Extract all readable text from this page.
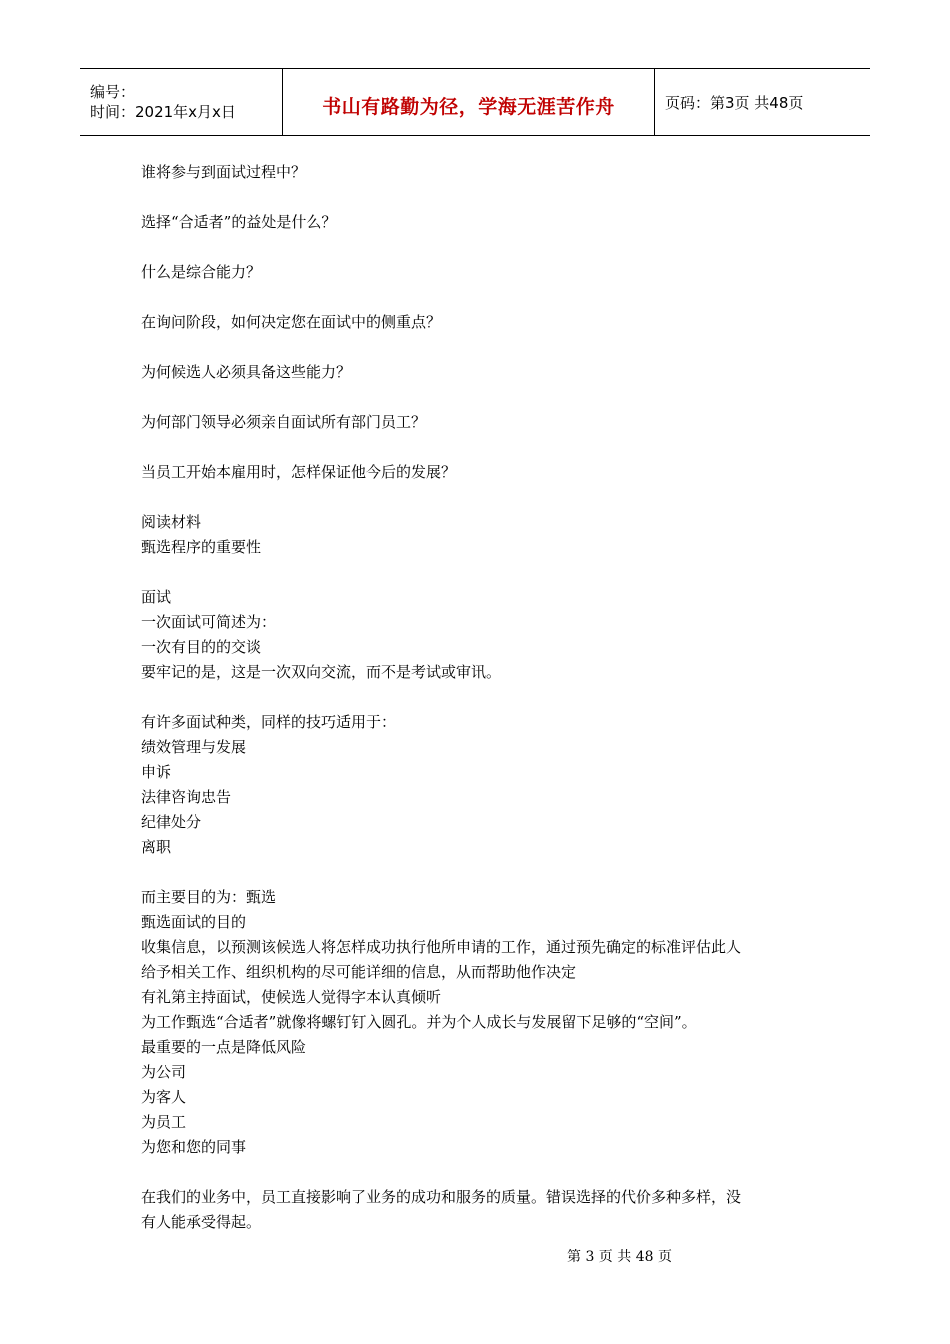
编号：
时间：2021年x月x日	书山有路勤为径，学海无涯苦作舟	页码：第3页 共48页
谁将参与到面试过程中？
选择“合适者”的益处是什么？
什么是综合能力？
在询问阶段，如何决定您在面试中的侧重点？
为何候选人必须具备这些能力？
为何部门领导必须亲自面试所有部门员工？
当员工开始本雇用时，怎样保证他今后的发展？
阅读材料
甄选程序的重要性
面试
一次面试可简述为：
一次有目的的交谈
要牢记的是，这是一次双向交流，而不是考试或审讯。
有许多面试种类，同样的技巧适用于：
绩效管理与发展
申诉
法律咨询忠告
纪律处分
离职
而主要目的为：甄选
甄选面试的目的
收集信息，以预测该候选人将怎样成功执行他所申请的工作，通过预先确定的标准评估此人
给予相关工作、组织机构的尽可能详细的信息，从而帮助他作决定
有礼第主持面试，使候选人觉得字本认真倾听
为工作甄选“合适者”就像将螺钉钉入圆孔。并为个人成长与发展留下足够的“空间”。
最重要的一点是降低风险
为公司
为客人
为员工
为您和您的同事
在我们的业务中，员工直接影响了业务的成功和服务的质量。错误选择的代价多种多样，没
有人能承受得起。
第 3 页 共 48 页
